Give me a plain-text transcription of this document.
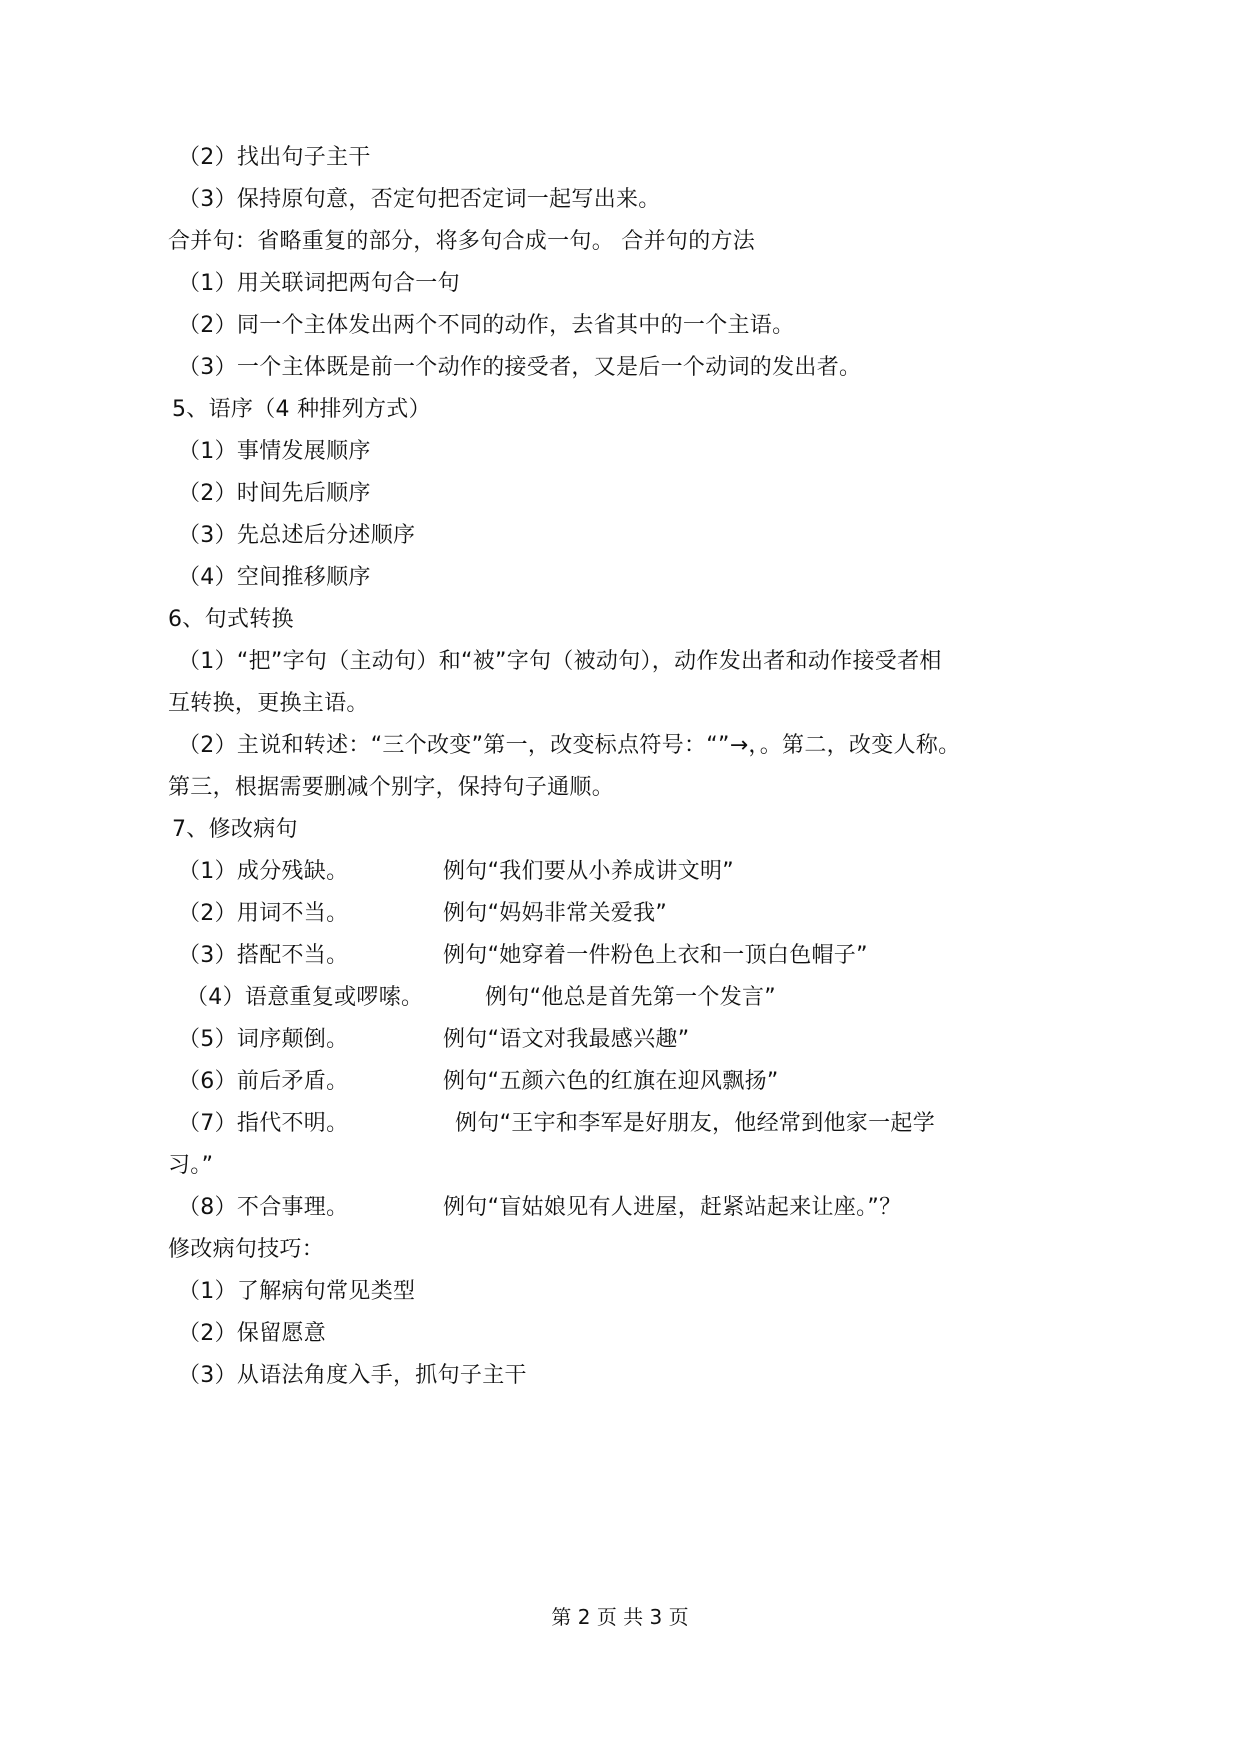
（2）找出句子主干
（3）保持原句意，否定句把否定词一起写出来。
合并句：省略重复的部分，将多句合成一句。 合并句的方法
（1）用关联词把两句合一句
（2）同一个主体发出两个不同的动作，去省其中的一个主语。
（3）一个主体既是前一个动作的接受者，又是后一个动词的发出者。
5、语序（4 种排列方式）
（1）事情发展顺序
（2）时间先后顺序
（3）先总述后分述顺序
（4）空间推移顺序
6、句式转换
（1）“把”字句（主动句）和“被”字句（被动句），动作发出者和动作接受者相
互转换，更换主语。
（2）主说和转述：“三个改变”第一，改变标点符号：“”→，。第二，改变人称。
第三，根据需要删减个别字，保持句子通顺。
7、修改病句
（1）成分残缺。	例句“我们要从小养成讲文明”
（2）用词不当。	例句“妈妈非常关爱我”
（3）搭配不当。	例句“她穿着一件粉色上衣和一顶白色帽子”
（4）语意重复或啰嗦。	例句“他总是首先第一个发言”
（5）词序颠倒。	例句“语文对我最感兴趣”
（6）前后矛盾。	例句“五颜六色的红旗在迎风飘扬”
（7）指代不明。	例句“王宇和李军是好朋友，他经常到他家一起学
习。”
（8）不合事理。	例句“盲姑娘见有人进屋，赶紧站起来让座。”？
修改病句技巧：
（1）了解病句常见类型
（2）保留愿意
（3）从语法角度入手，抓句子主干
第 2 页 共 3 页
